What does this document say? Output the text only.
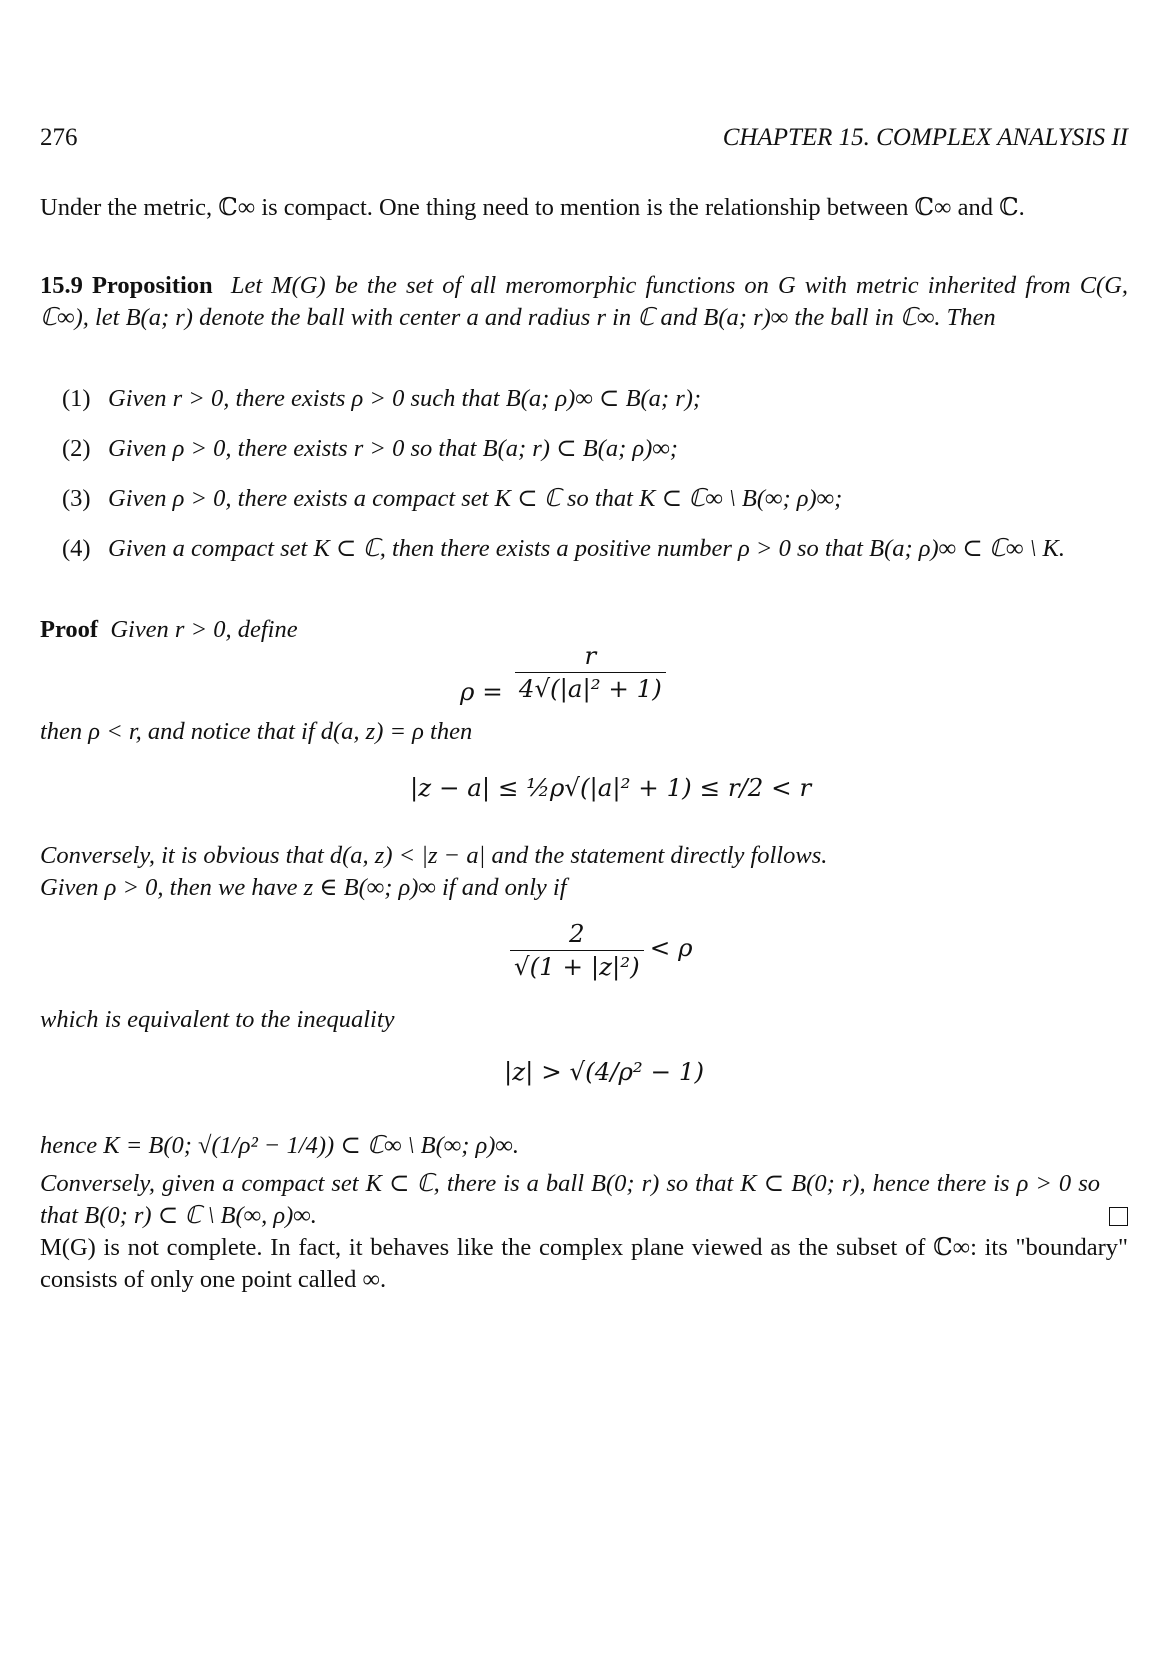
276	CHAPTER 15. COMPLEX ANALYSIS II
Under the metric, ℂ∞ is compact. One thing need to mention is the relationship between ℂ∞ and ℂ.
15.9 Proposition Let M(G) be the set of all meromorphic functions on G with metric inherited from C(G, ℂ∞), let B(a; r) denote the ball with center a and radius r in ℂ and B(a; r)∞ the ball in ℂ∞. Then
(1) Given r > 0, there exists ρ > 0 such that B(a; ρ)∞ ⊂ B(a; r);
(2) Given ρ > 0, there exists r > 0 so that B(a; r) ⊂ B(a; ρ)∞;
(3) Given ρ > 0, there exists a compact set K ⊂ ℂ so that K ⊂ ℂ∞ \ B(∞; ρ)∞;
(4) Given a compact set K ⊂ ℂ, then there exists a positive number ρ > 0 so that B(a; ρ)∞ ⊂ ℂ∞ \ K.
Proof Given r > 0, define
$\rho = \frac{r}{\text{4√(|a|² + 1)}}$
then ρ < r, and notice that if d(a, z) = ρ then
|z − a| ≤ ½ρ√(|a|² + 1) ≤ r/2 < r
Conversely, it is obvious that d(a, z) < |z − a| and the statement directly follows.
Given ρ > 0, then we have z ∈ B(∞; ρ)∞ if and only if
$\frac{2}{\text{√(1 + |z|²)}} < \rho$
which is equivalent to the inequality
|z| > √(4/ρ² − 1)
hence K = B(0; √(1/ρ² − 1/4)) ⊂ ℂ∞ \ B(∞; ρ)∞.
Conversely, given a compact set K ⊂ ℂ, there is a ball B(0; r) so that K ⊂ B(0; r), hence there is ρ > 0 so that B(0; r) ⊂ ℂ \ B(∞, ρ)∞.
M(G) is not complete. In fact, it behaves like the complex plane viewed as the subset of ℂ∞: its "boundary" consists of only one point called ∞.
